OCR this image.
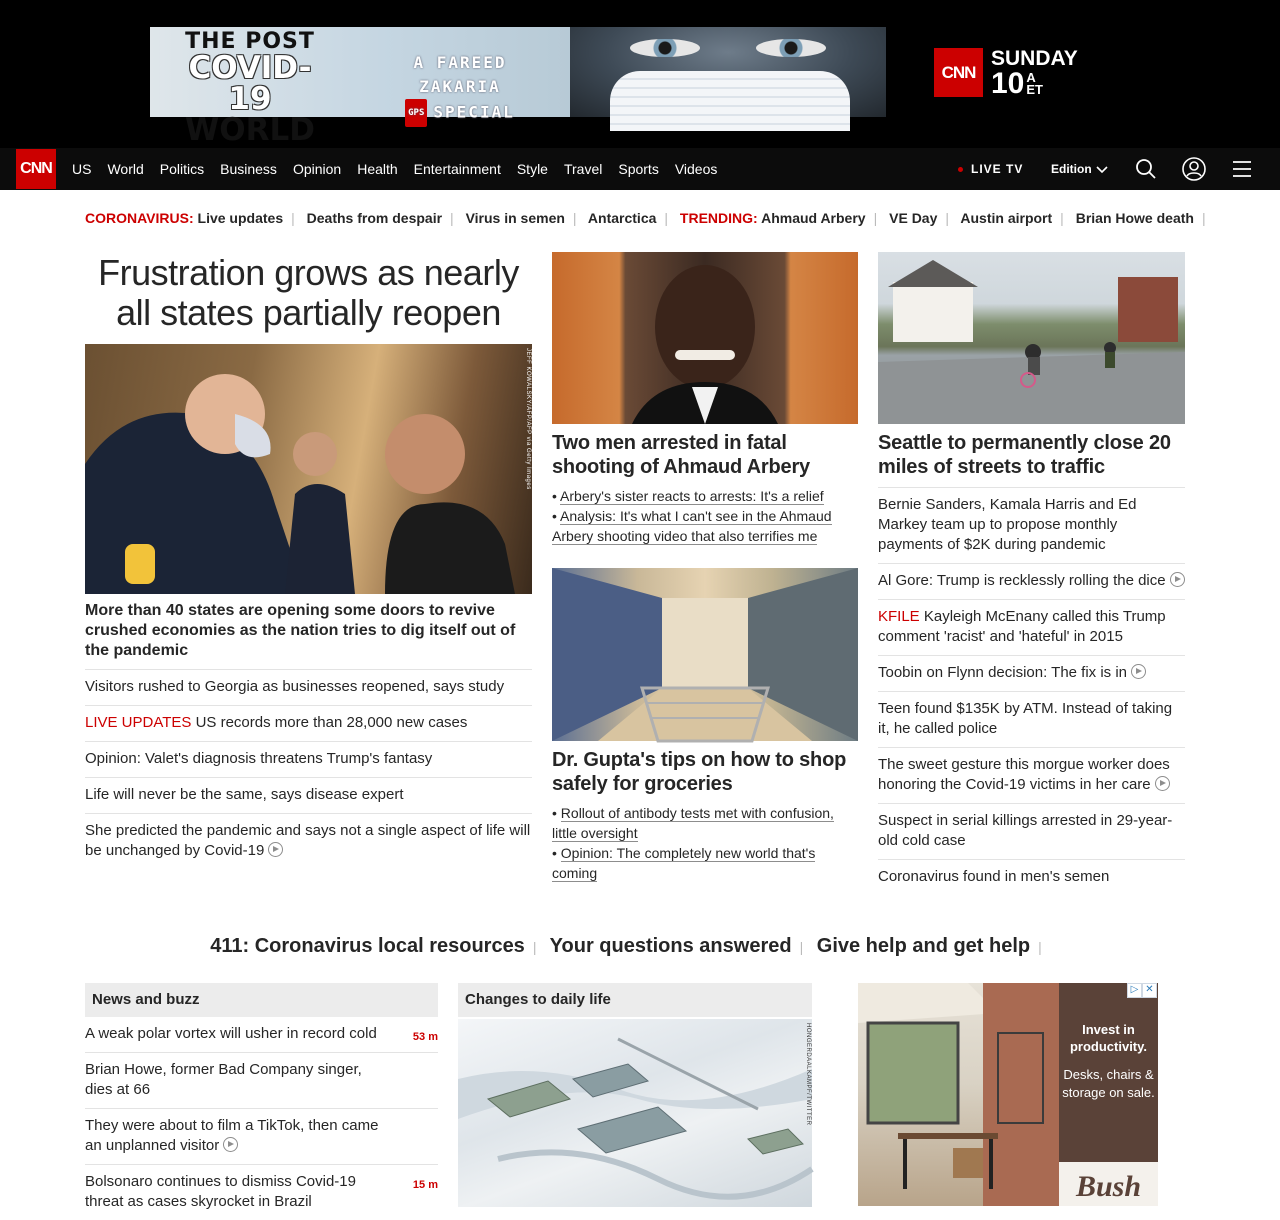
THE POST
COVID-19
WORLD
A FAREED ZAKARIA
GPS SPECIAL
CNN
SUNDAY
10 A
ET
CNN	US	World	Politics	Business	Opinion	Health	Entertainment	Style	Travel	Sports	Videos	LIVE TV Edition
CORONAVIRUS: Live updates | Deaths from despair | Virus in semen | Antarctica | TRENDING: Ahmaud Arbery | VE Day | Austin airport | Brian Howe death |
Frustration grows as nearly all states partially reopen
JEFF KOWALSKY/AFP/AFP via Getty Images

More than 40 states are opening some doors to revive crushed economies as the nation tries to dig itself out of the pandemic

Visitors rushed to Georgia as businesses reopened, says study
LIVE UPDATES US records more than 28,000 new cases
Opinion: Valet's diagnosis threatens Trump's fantasy
Life will never be the same, says disease expert
She predicted the pandemic and says not a single aspect of life will be unchanged by Covid-19
Two men arrested in fatal shooting of Ahmaud Arbery
• Arbery's sister reacts to arrests: It's a relief
• Analysis: It's what I can't see in the Ahmaud Arbery shooting video that also terrifies me
Dr. Gupta's tips on how to shop safely for groceries
• Rollout of antibody tests met with confusion, little oversight
• Opinion: The completely new world that's coming
Seattle to permanently close 20 miles of streets to traffic
Bernie Sanders, Kamala Harris and Ed Markey team up to propose monthly payments of $2K during pandemic
Al Gore: Trump is recklessly rolling the dice
KFILE Kayleigh McEnany called this Trump comment 'racist' and 'hateful' in 2015
Toobin on Flynn decision: The fix is in
Teen found $135K by ATM. Instead of taking it, he called police
The sweet gesture this morgue worker does honoring the Covid-19 victims in her care
Suspect in serial killings arrested in 29-year-old cold case
Coronavirus found in men's semen
411: Coronavirus local resources | Your questions answered | Give help and get help |
News and buzz
A weak polar vortex will usher in record cold	53 m
Brian Howe, former Bad Company singer, dies at 66
They were about to film a TikTok, then came an unplanned visitor
Bolsonaro continues to dismiss Covid-19 threat as cases skyrocket in Brazil
15 m
Changes to daily life
HONGERDAALKAMPF/TWITTER	Invest in productivity.
Desks, chairs & storage on sale.
Bush
▷ ✕
